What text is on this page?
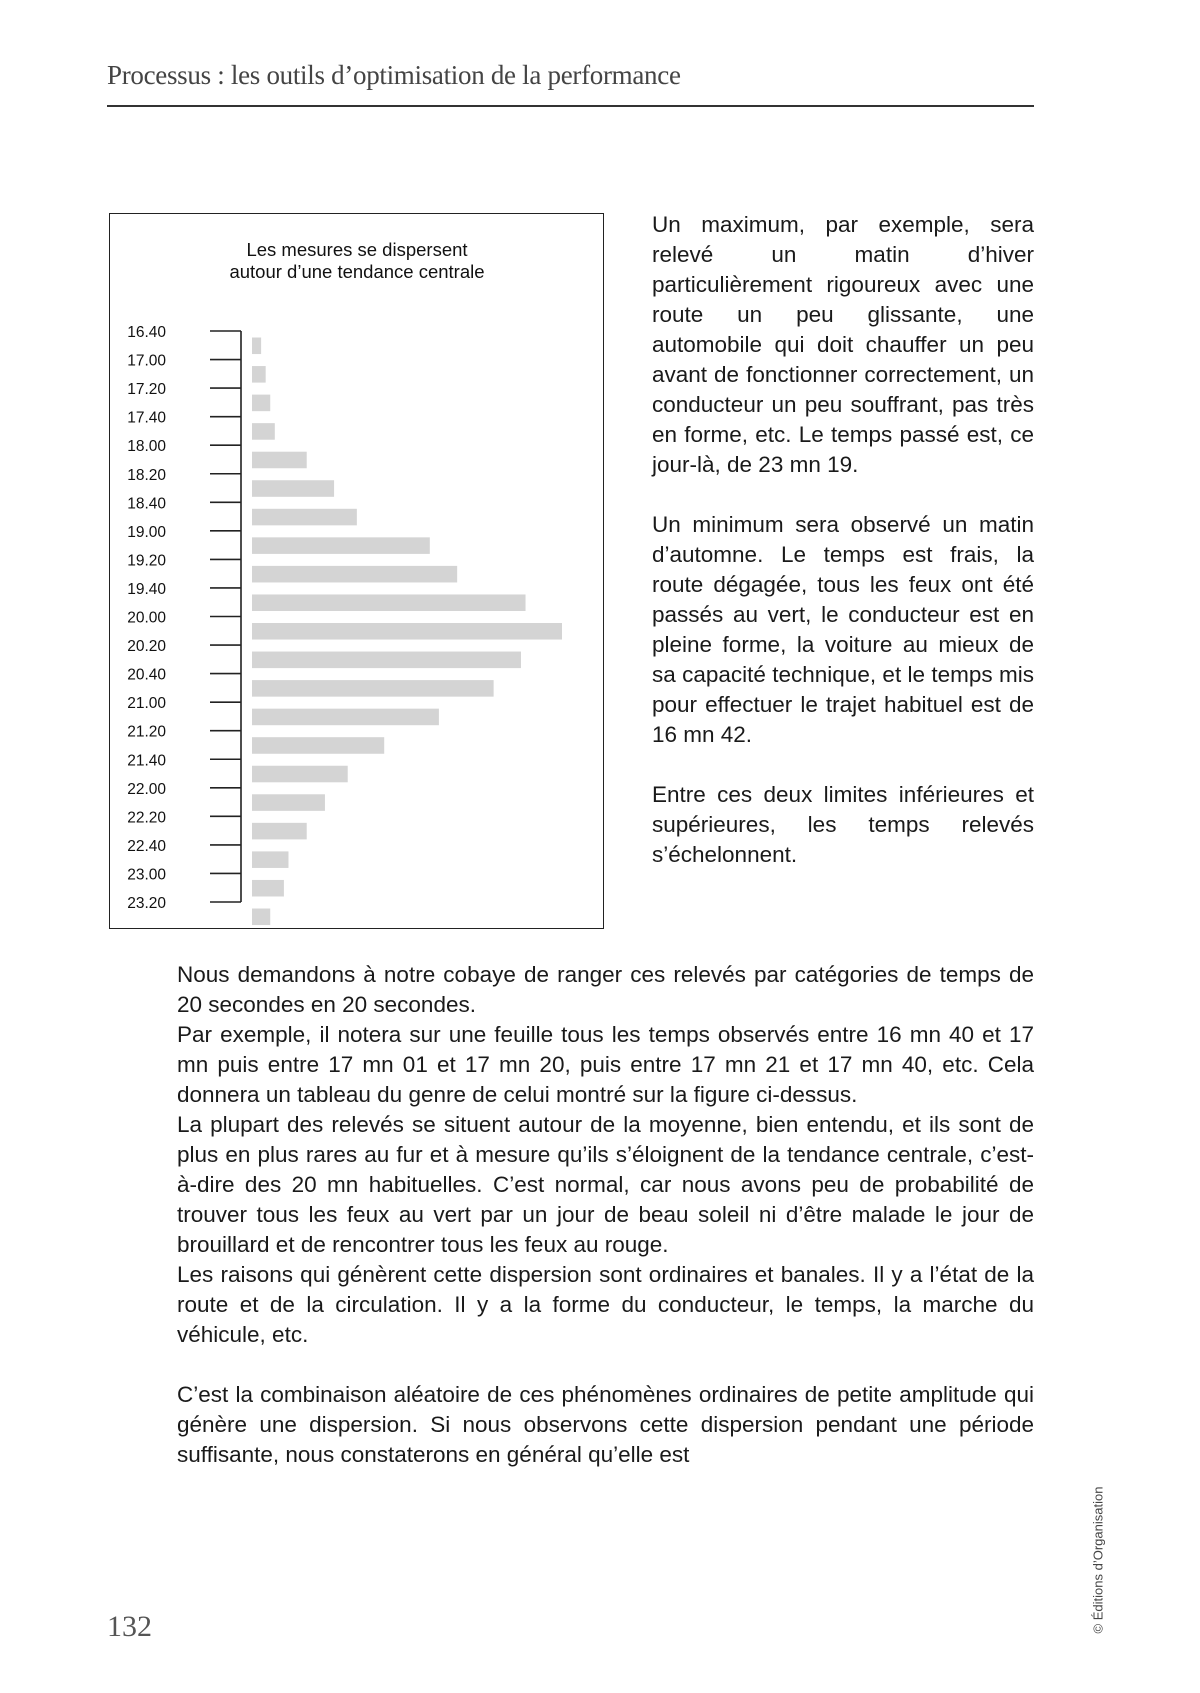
Processus : les outils d’optimisation de la performance
Les mesures se dispersent
autour d’une tendance centrale
16.40
17.00
17.20
17.40
18.00
18.20
18.40
19.00
19.20
19.40
20.00
20.20
20.40
21.00
21.20
21.40
22.00
22.20
22.40
23.00
23.20

Un maximum, par exemple, sera relevé un matin d’hiver particulièrement rigoureux avec une route un peu glissante, une automobile qui doit chauffer un peu avant de fonctionner correctement, un conducteur un peu souffrant, pas très en forme, etc. Le temps passé est, ce jour-là, de 23 mn 19.

Un minimum sera observé un matin d’automne. Le temps est frais, la route dégagée, tous les feux ont été passés au vert, le conducteur est en pleine forme, la voiture au mieux de sa capacité technique, et le temps mis pour effectuer le trajet habituel est de 16 mn 42.

Entre ces deux limites inférieures et supérieures, les temps relevés s’échelonnent.

Nous demandons à notre cobaye de ranger ces relevés par catégories de temps de 20 secondes en 20 secondes.

Par exemple, il notera sur une feuille tous les temps observés entre 16 mn 40 et 17 mn puis entre 17 mn 01 et 17 mn 20, puis entre 17 mn 21 et 17 mn 40, etc. Cela donnera un tableau du genre de celui montré sur la figure ci-dessus.

La plupart des relevés se situent autour de la moyenne, bien entendu, et ils sont de plus en plus rares au fur et à mesure qu’ils s’éloignent de la tendance centrale, c’est-à-dire des 20 mn habituelles. C’est normal, car nous avons peu de probabilité de trouver tous les feux au vert par un jour de beau soleil ni d’être malade le jour de brouillard et de rencontrer tous les feux au rouge.

Les raisons qui génèrent cette dispersion sont ordinaires et banales. Il y a l’état de la route et de la circulation. Il y a la forme du conducteur, le temps, la marche du véhicule, etc.

C’est la combinaison aléatoire de ces phénomènes ordinaires de petite amplitude qui génère une dispersion. Si nous observons cette dispersion pendant une période suffisante, nous constaterons en général qu’elle est

132	© Éditions d’Organisation
